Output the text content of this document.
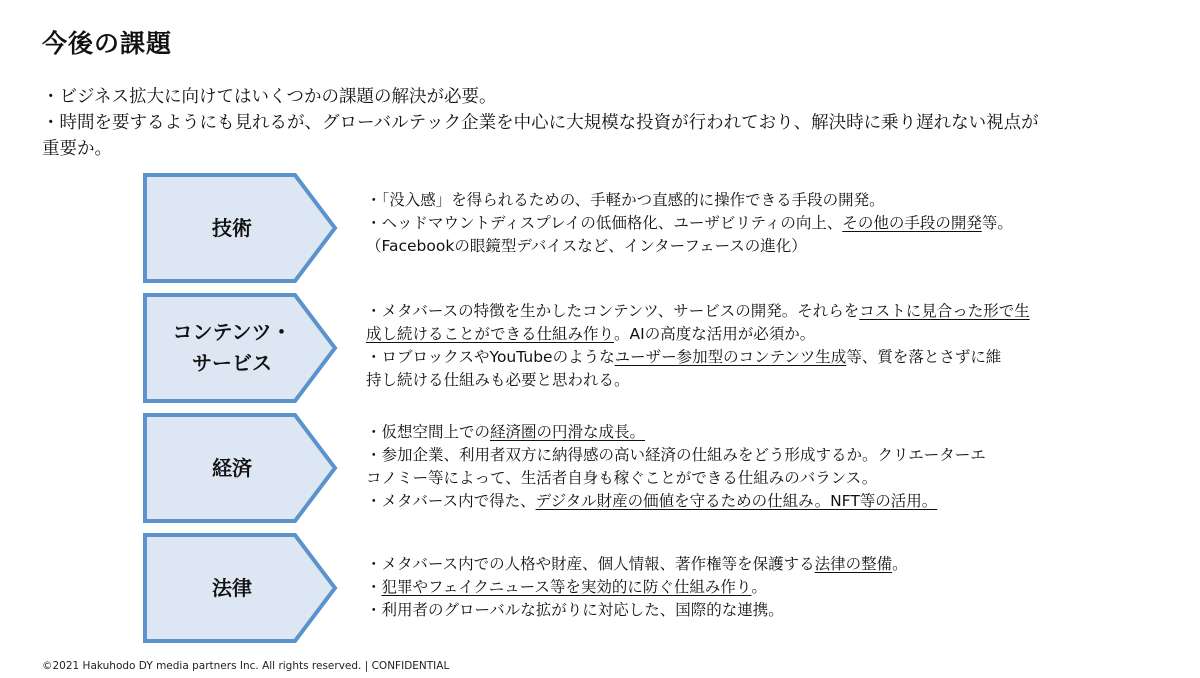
今後の課題
・ビジネス拡大に向けてはいくつかの課題の解決が必要。
・時間を要するようにも見れるが、グローバルテック企業を中心に大規模な投資が行われており、解決時に乗り遅れない視点が
重要か。
技術

・「没入感」を得られるための、手軽かつ直感的に操作できる手段の開発。

・ヘッドマウントディスプレイの低価格化、ユーザビリティの向上、その他の手段の開発等。

（Facebookの眼鏡型デバイスなど、インターフェースの進化）

コンテンツ・
サービス

・メタバースの特徴を生かしたコンテンツ、サービスの開発。それらをコストに見合った形で生

成し続けることができる仕組み作り。AIの高度な活用が必須か。

・ロブロックスやYouTubeのようなユーザー参加型のコンテンツ生成等、質を落とさずに維

持し続ける仕組みも必要と思われる。

経済

・仮想空間上での経済圏の円滑な成長。

・参加企業、利用者双方に納得感の高い経済の仕組みをどう形成するか。クリエーターエ

コノミー等によって、生活者自身も稼ぐことができる仕組みのバランス。

・メタバース内で得た、デジタル財産の価値を守るための仕組み。NFT等の活用。

法律

・メタバース内での人格や財産、個人情報、著作権等を保護する法律の整備。

・犯罪やフェイクニュース等を実効的に防ぐ仕組み作り。

・利用者のグローバルな拡がりに対応した、国際的な連携。

©2021 Hakuhodo DY media partners Inc. All rights reserved. | CONFIDENTIAL
